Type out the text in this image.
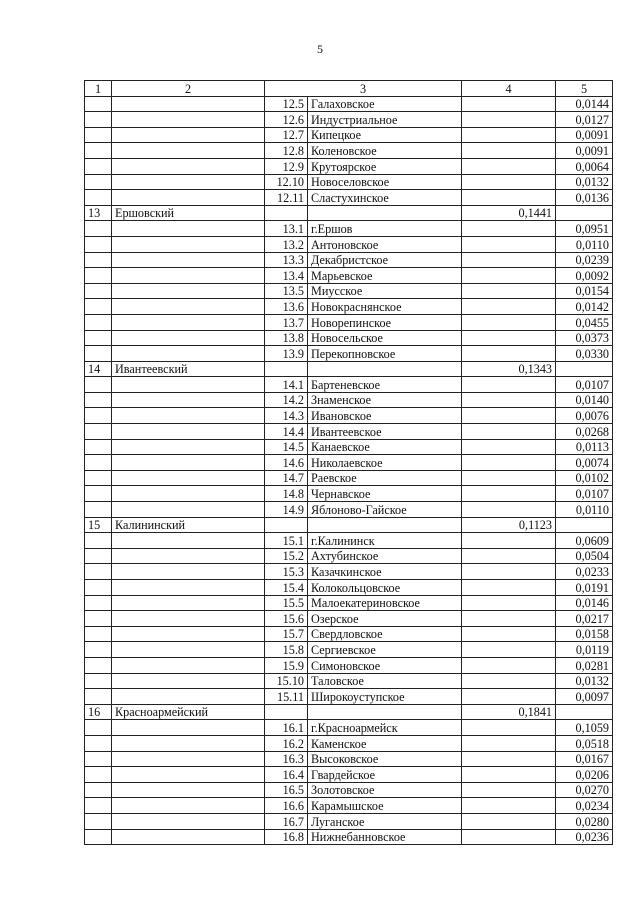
5
1	2	3		4	5
		12.5	Галаховское		0,0144
		12.6	Индустриальное		0,0127
		12.7	Кипецкое		0,0091
		12.8	Коленовское		0,0091
		12.9	Крутоярское		0,0064
		12.10	Новоселовское		0,0132
		12.11	Сластухинское		0,0136
13	Ершовский			0,1441	
		13.1	г.Ершов		0,0951
		13.2	Антоновское		0,0110
		13.3	Декабристское		0,0239
		13.4	Марьевское		0,0092
		13.5	Миусское		0,0154
		13.6	Новокраснянское		0,0142
		13.7	Новорепинское		0,0455
		13.8	Новосельское		0,0373
		13.9	Перекопновское		0,0330
14	Ивантеевский			0,1343	
		14.1	Бартеневское		0,0107
		14.2	Знаменское		0,0140
		14.3	Ивановское		0,0076
		14.4	Ивантеевское		0,0268
		14.5	Канаевское		0,0113
		14.6	Николаевское		0,0074
		14.7	Раевское		0,0102
		14.8	Чернавское		0,0107
		14.9	Яблоново-Гайское		0,0110
15	Калининский			0,1123	
		15.1	г.Калининск		0,0609
		15.2	Ахтубинское		0,0504
		15.3	Казачкинское		0,0233
		15.4	Колокольцовское		0,0191
		15.5	Малоекатериновское		0,0146
		15.6	Озерское		0,0217
		15.7	Свердловское		0,0158
		15.8	Сергиевское		0,0119
		15.9	Симоновское		0,0281
		15.10	Таловское		0,0132
		15.11	Широкоуступское		0,0097
16	Красноармейский			0,1841	
		16.1	г.Красноармейск		0,1059
		16.2	Каменское		0,0518
		16.3	Высоковское		0,0167
		16.4	Гвардейское		0,0206
		16.5	Золотовское		0,0270
		16.6	Карамышское		0,0234
		16.7	Луганское		0,0280
		16.8	Нижнебанновское		0,0236
